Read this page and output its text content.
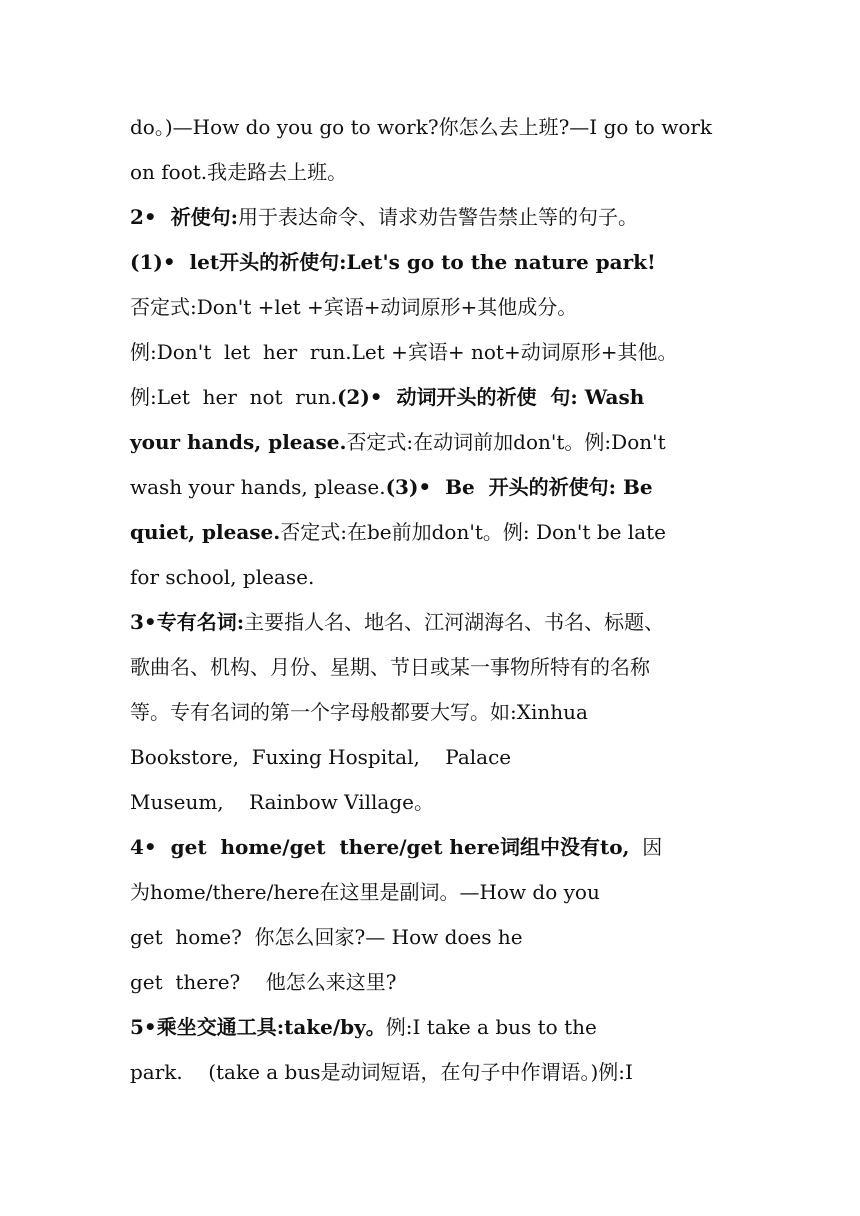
do。)—How do you go to work?你怎么去上班?—I go to work
on foot.我走路去上班。
2•  祈使句:用于表达命令、请求劝告警告禁止等的句子。
(1)•  let开头的祈使句:Let's go to the nature park!
否定式:Don't +let +宾语+动词原形+其他成分。
例:Don't  let  her  run.Let +宾语+ not+动词原形+其他。
例:Let  her  not  run.(2)•  动词开头的祈使  句: Wash
your hands, please.否定式:在动词前加don't。例:Don't
wash your hands, please.(3)•  Be  开头的祈使句: Be
quiet, please.否定式:在be前加don't。例: Don't be late
for school, please.
3•专有名词:主要指人名、地名、江河湖海名、书名、标题、
歌曲名、机构、月份、星期、节日或某一事物所特有的名称
等。专有名词的第一个字母般都要大写。如:Xinhua
Bookstore,  Fuxing Hospital,    Palace
Museum,    Rainbow Village。
4•  get  home/get  there/get here词组中没有to,  因
为home/there/here在这里是副词。—How do you
get  home?  你怎么回家?— How does he
get  there?    他怎么来这里?
5•乘坐交通工具:take/by。例:I take a bus to the
park.    (take a bus是动词短语，在句子中作谓语。)例:I
